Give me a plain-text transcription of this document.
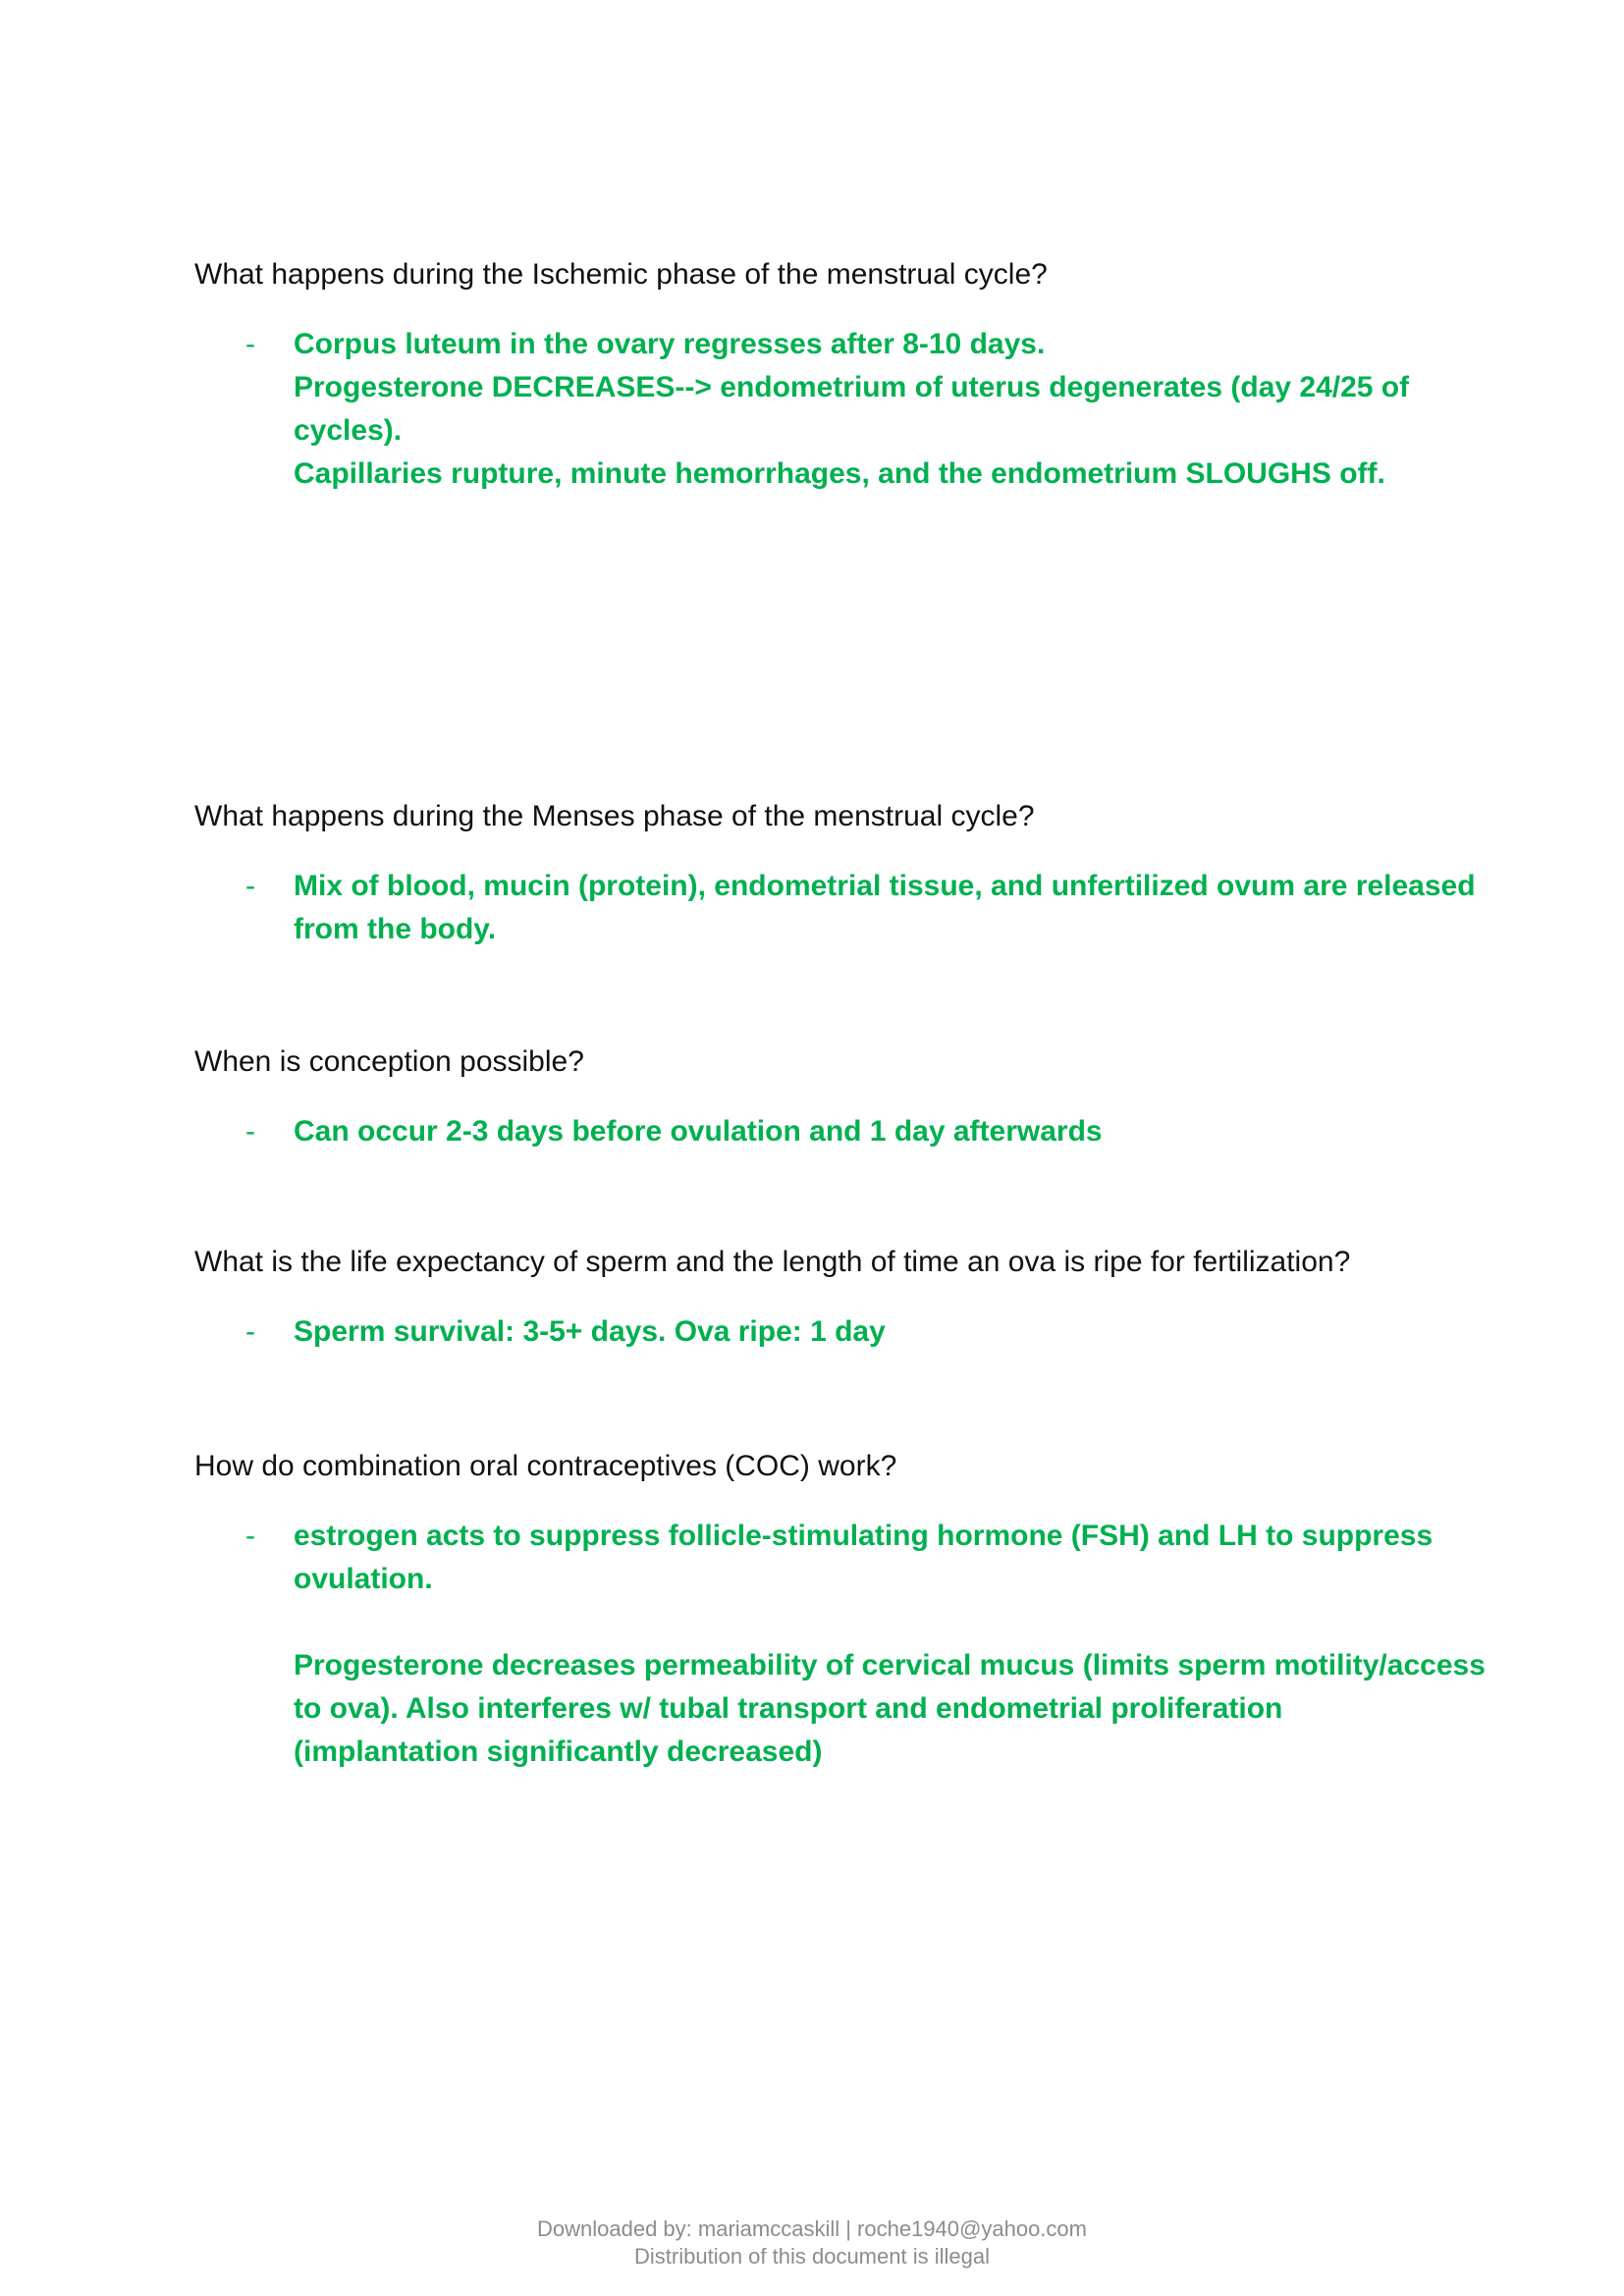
What happens during the Ischemic phase of the menstrual cycle?

- Corpus luteum in the ovary regresses after 8-10 days.

Progesterone DECREASES--> endometrium of uterus degenerates (day 24/25 of

cycles).

Capillaries rupture, minute hemorrhages, and the endometrium SLOUGHS off.

What happens during the Menses phase of the menstrual cycle?

- Mix of blood, mucin (protein), endometrial tissue, and unfertilized ovum are released

from the body.

When is conception possible?

- Can occur 2-3 days before ovulation and 1 day afterwards

What is the life expectancy of sperm and the length of time an ova is ripe for fertilization?

- Sperm survival: 3-5+ days. Ova ripe: 1 day

How do combination oral contraceptives (COC) work?

- estrogen acts to suppress follicle-stimulating hormone (FSH) and LH to suppress

ovulation.

Progesterone decreases permeability of cervical mucus (limits sperm motility/access

to ova). Also interferes w/ tubal transport and endometrial proliferation

(implantation significantly decreased)

Downloaded by: mariamccaskill | roche1940@yahoo.com

Distribution of this document is illegal
